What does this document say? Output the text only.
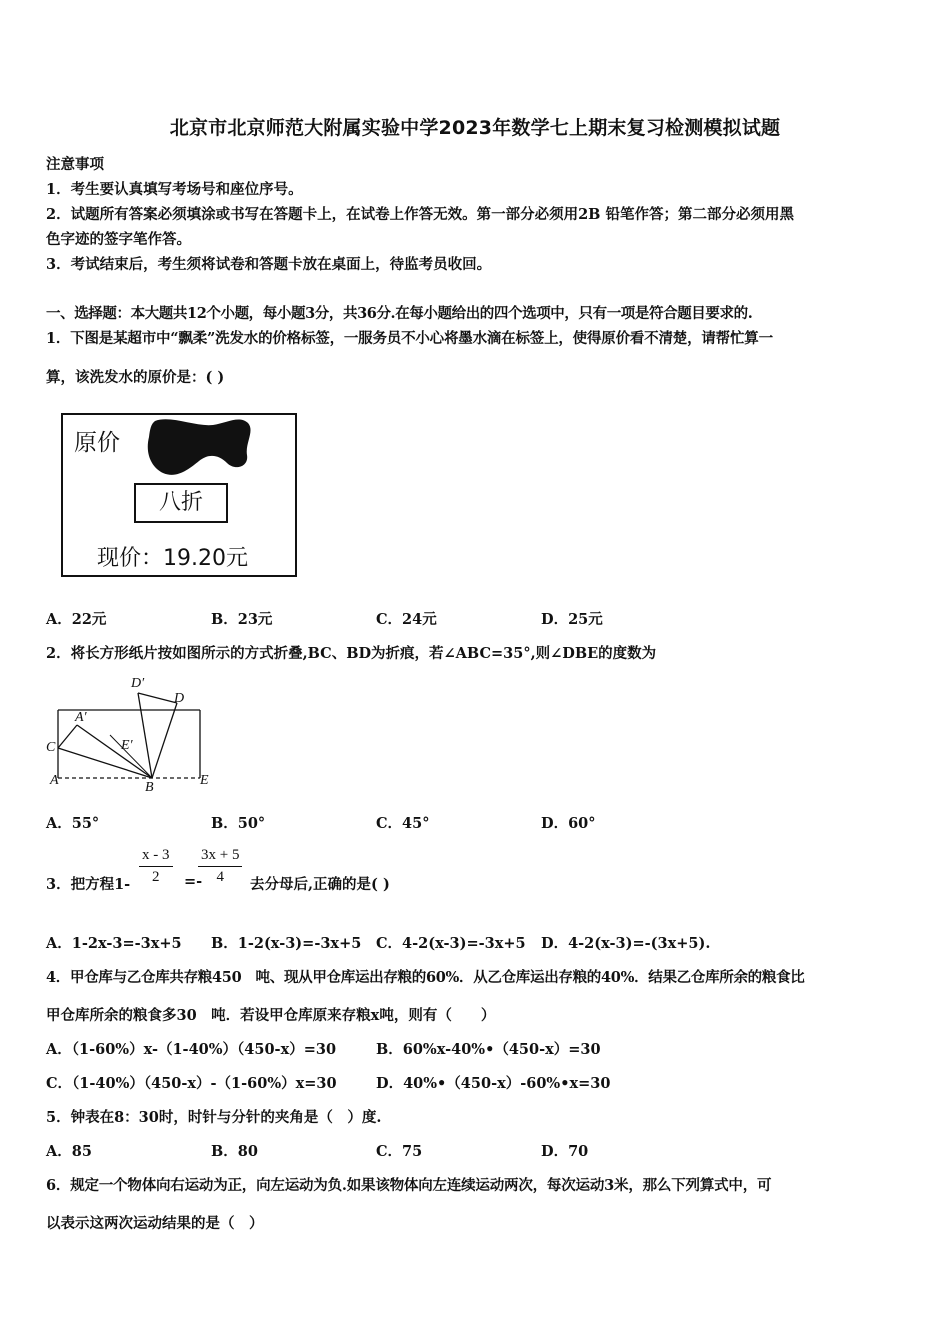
北京市北京师范大附属实验中学2023年数学七上期末复习检测模拟试题
注意事项
1．考生要认真填写考场号和座位序号。
2．试题所有答案必须填涂或书写在答题卡上，在试卷上作答无效。第一部分必须用2B 铅笔作答；第二部分必须用黑
色字迹的签字笔作答。
3．考试结束后，考生须将试卷和答题卡放在桌面上，待监考员收回。
一、选择题：本大题共12个小题，每小题3分，共36分.在每小题给出的四个选项中，只有一项是符合题目要求的.
1．下图是某超市中“飘柔”洗发水的价格标签，一服务员不小心将墨水滴在标签上，使得原价看不清楚，请帮忙算一
算，该洗发水的原价是：( )
原价
八折
现价：19.20元
A．22元	B．23元	C．24元	D．25元
2．将长方形纸片按如图所示的方式折叠,BC、BD为折痕，若∠ABC=35°,则∠DBE的度数为
D′
D
A′
C	E′
A	B	E
A．55°	B．50°	C．45°	D．60°
3．把方程$1- \frac{x - 3}{2}$ =-
$\frac{3x + 5}{4}$ 去分母后,正确的是( )
A．1-2x-3=-3x+5 B．1-2(x-3)=-3x+5 C．4-2(x-3)=-3x+5 D．4-2(x-3)=-(3x+5).
4．甲仓库与乙仓库共存粮450　吨、现从甲仓库运出存粮的60%．从乙仓库运出存粮的40%．结果乙仓库所余的粮食比
甲仓库所余的粮食多30　吨．若设甲仓库原来存粮x吨，则有（　　）
A．（1-60%）x-（1-40%）（450-x）=30	B．60%x-40%•（450-x）=30
C．（1-40%）（450-x）-（1-60%）x=30	D．40%•（450-x）-60%•x=30
5．钟表在8：30时，时针与分针的夹角是（　）度.
A．85	B．80	C．75	D．70
6．规定一个物体向右运动为正，向左运动为负.如果该物体向左连续运动两次，每次运动3米，那么下列算式中，可
以表示这两次运动结果的是（　）
